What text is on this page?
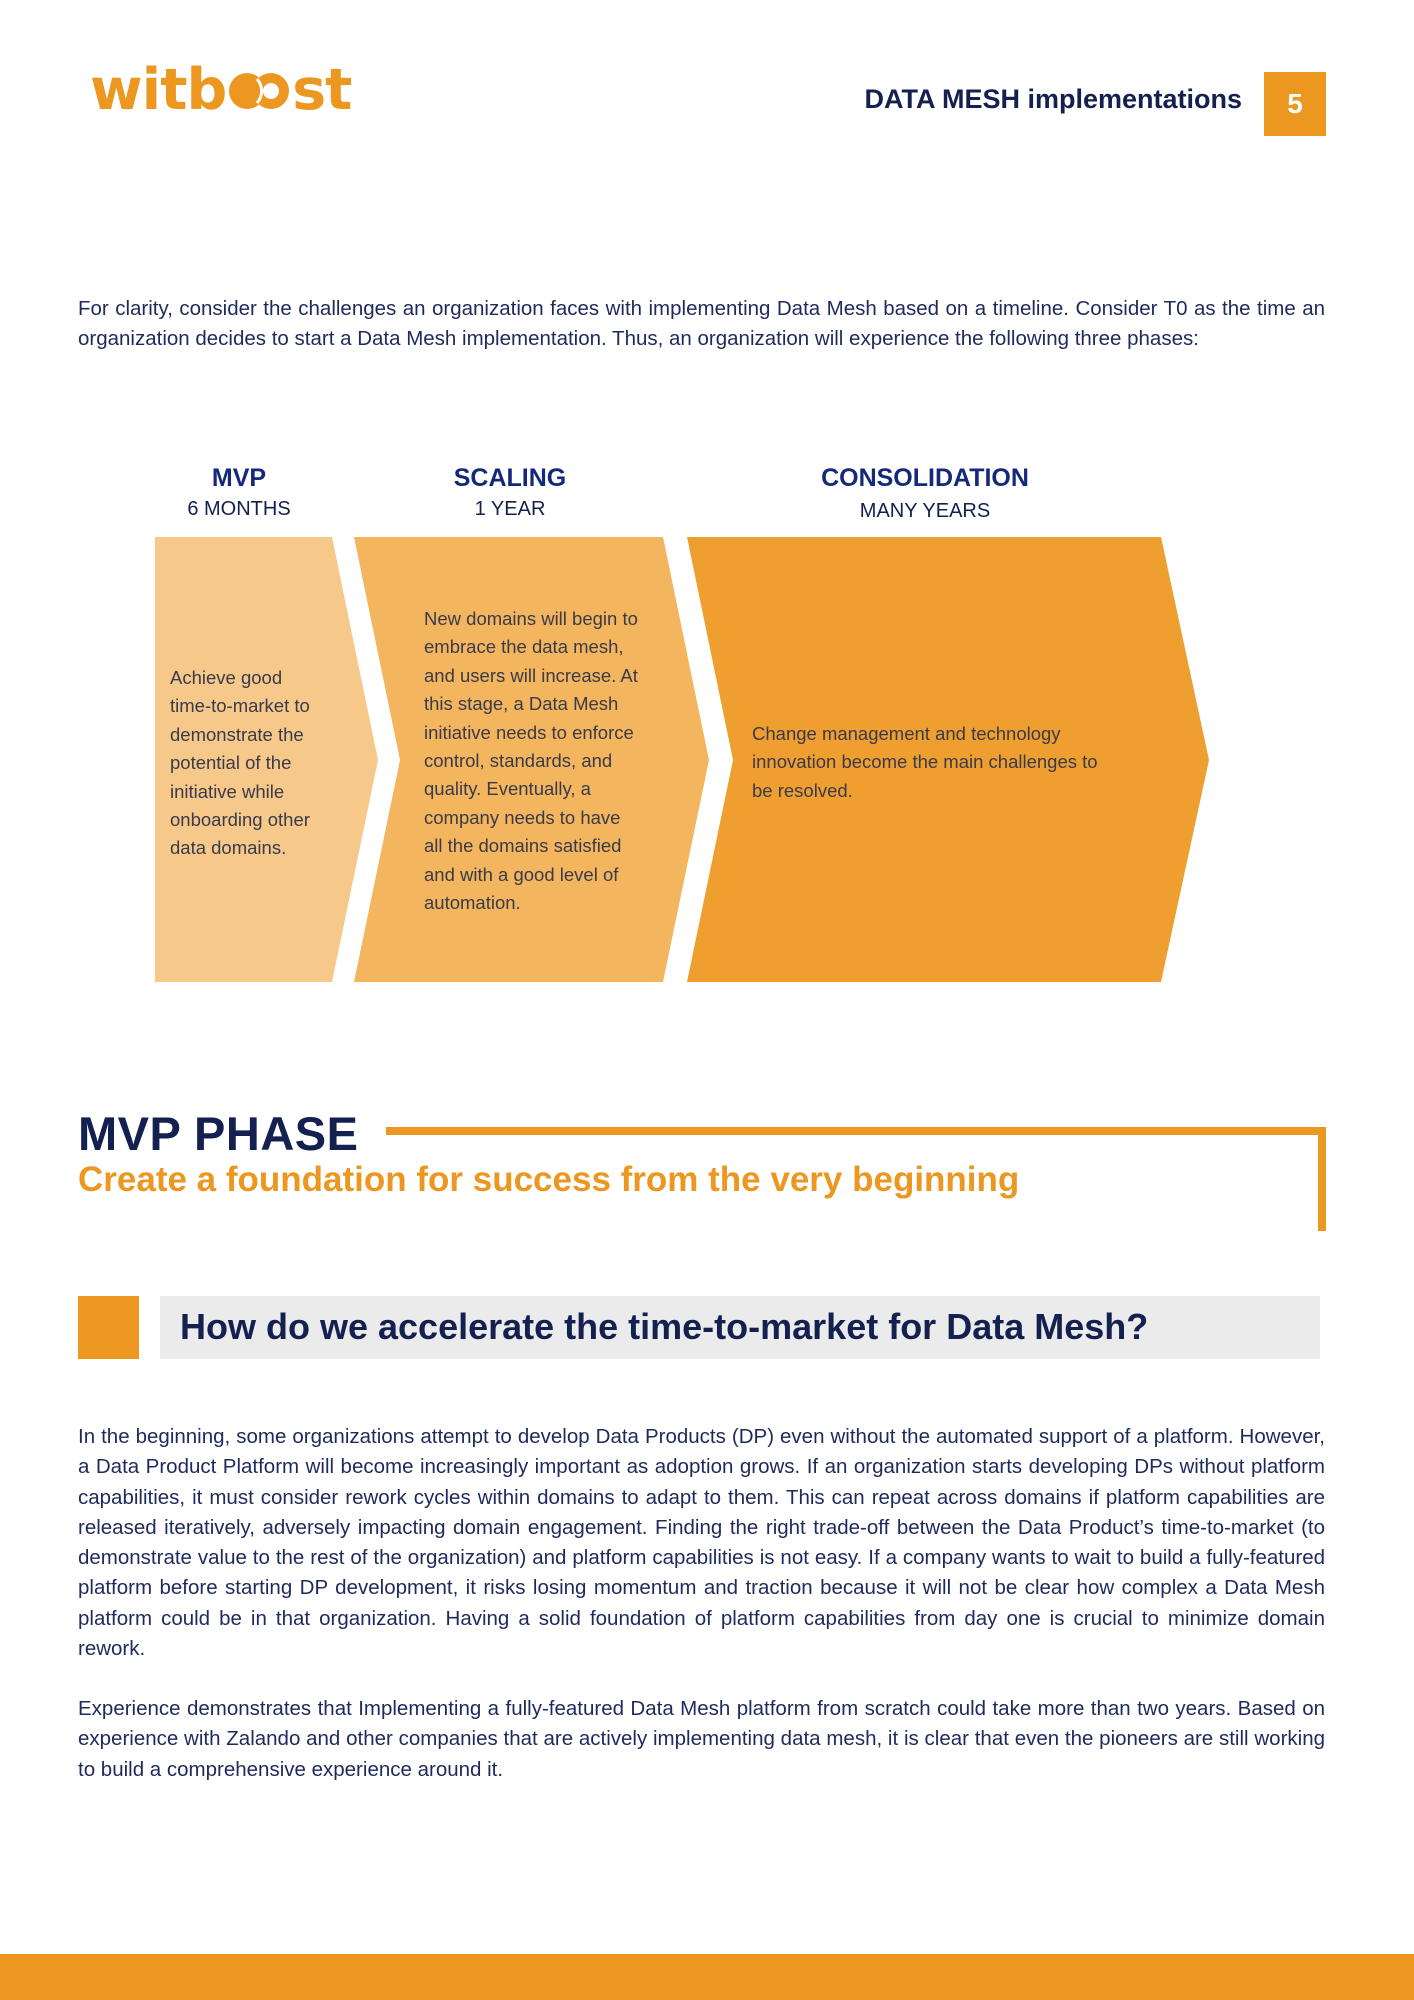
witb st	DATA MESH implementations	5

For clarity, consider the challenges an organization faces with implementing Data Mesh based on a timeline. Consider T0 as the time an organization decides to start a Data Mesh implementation. Thus, an organization will experience the following three phases:

MVP
6 MONTHS
SCALING
1 YEAR
CONSOLIDATION
MANY YEARS
Achieve good
time-to-market to
demonstrate the
potential of the
initiative while
onboarding other
data domains.
New domains will begin to
embrace the data mesh,
and users will increase. At
this stage, a Data Mesh
initiative needs to enforce
control, standards, and
quality. Eventually, a
company needs to have
all the domains satisfied
and with a good level of
automation.
Change management and technology
innovation become the main challenges to
be resolved.
MVP PHASE
Create a foundation for success from the very beginning
How do we accelerate the time-to-market for Data Mesh?

In the beginning, some organizations attempt to develop Data Products (DP) even without the automated support of a platform. However, a Data Product Platform will become increasingly important as adoption grows. If an organization starts developing DPs without platform capabilities, it must consider rework cycles within domains to adapt to them. This can repeat across domains if platform capabilities are released iteratively, adversely impacting domain engagement. Finding the right trade-off between the Data Product’s time-to-market (to demonstrate value to the rest of the organization) and platform capabilities is not easy. If a company wants to wait to build a fully-featured platform before starting DP development, it risks losing momentum and traction because it will not be clear how complex a Data Mesh platform could be in that organization. Having a solid foundation of platform capabilities from day one is crucial to minimize domain rework.

Experience demonstrates that Implementing a fully-featured Data Mesh platform from scratch could take more than two years. Based on experience with Zalando and other companies that are actively implementing data mesh, it is clear that even the pioneers are still working to build a comprehensive experience around it.
